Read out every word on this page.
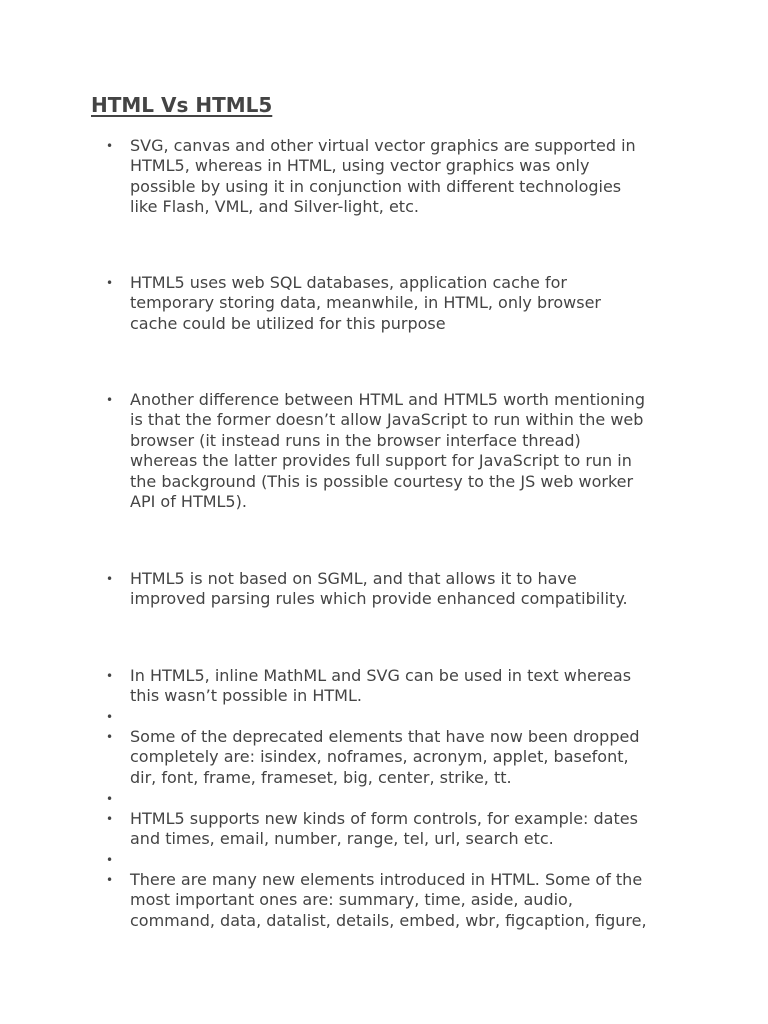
HTML Vs HTML5
• SVG, canvas and other virtual vector graphics are supported in
HTML5, whereas in HTML, using vector graphics was only
possible by using it in conjunction with different technologies
like Flash, VML, and Silver-light, etc.
• HTML5 uses web SQL databases, application cache for
temporary storing data, meanwhile, in HTML, only browser
cache could be utilized for this purpose
• Another difference between HTML and HTML5 worth mentioning
is that the former doesn’t allow JavaScript to run within the web
browser (it instead runs in the browser interface thread)
whereas the latter provides full support for JavaScript to run in
the background (This is possible courtesy to the JS web worker
API of HTML5).
• HTML5 is not based on SGML, and that allows it to have
improved parsing rules which provide enhanced compatibility.
• In HTML5, inline MathML and SVG can be used in text whereas
this wasn’t possible in HTML.
•
• Some of the deprecated elements that have now been dropped
completely are: isindex, noframes, acronym, applet, basefont,
dir, font, frame, frameset, big, center, strike, tt.
•
• HTML5 supports new kinds of form controls, for example: dates
and times, email, number, range, tel, url, search etc.
•
• There are many new elements introduced in HTML. Some of the
most important ones are: summary, time, aside, audio,
command, data, datalist, details, embed, wbr, figcaption, figure,
